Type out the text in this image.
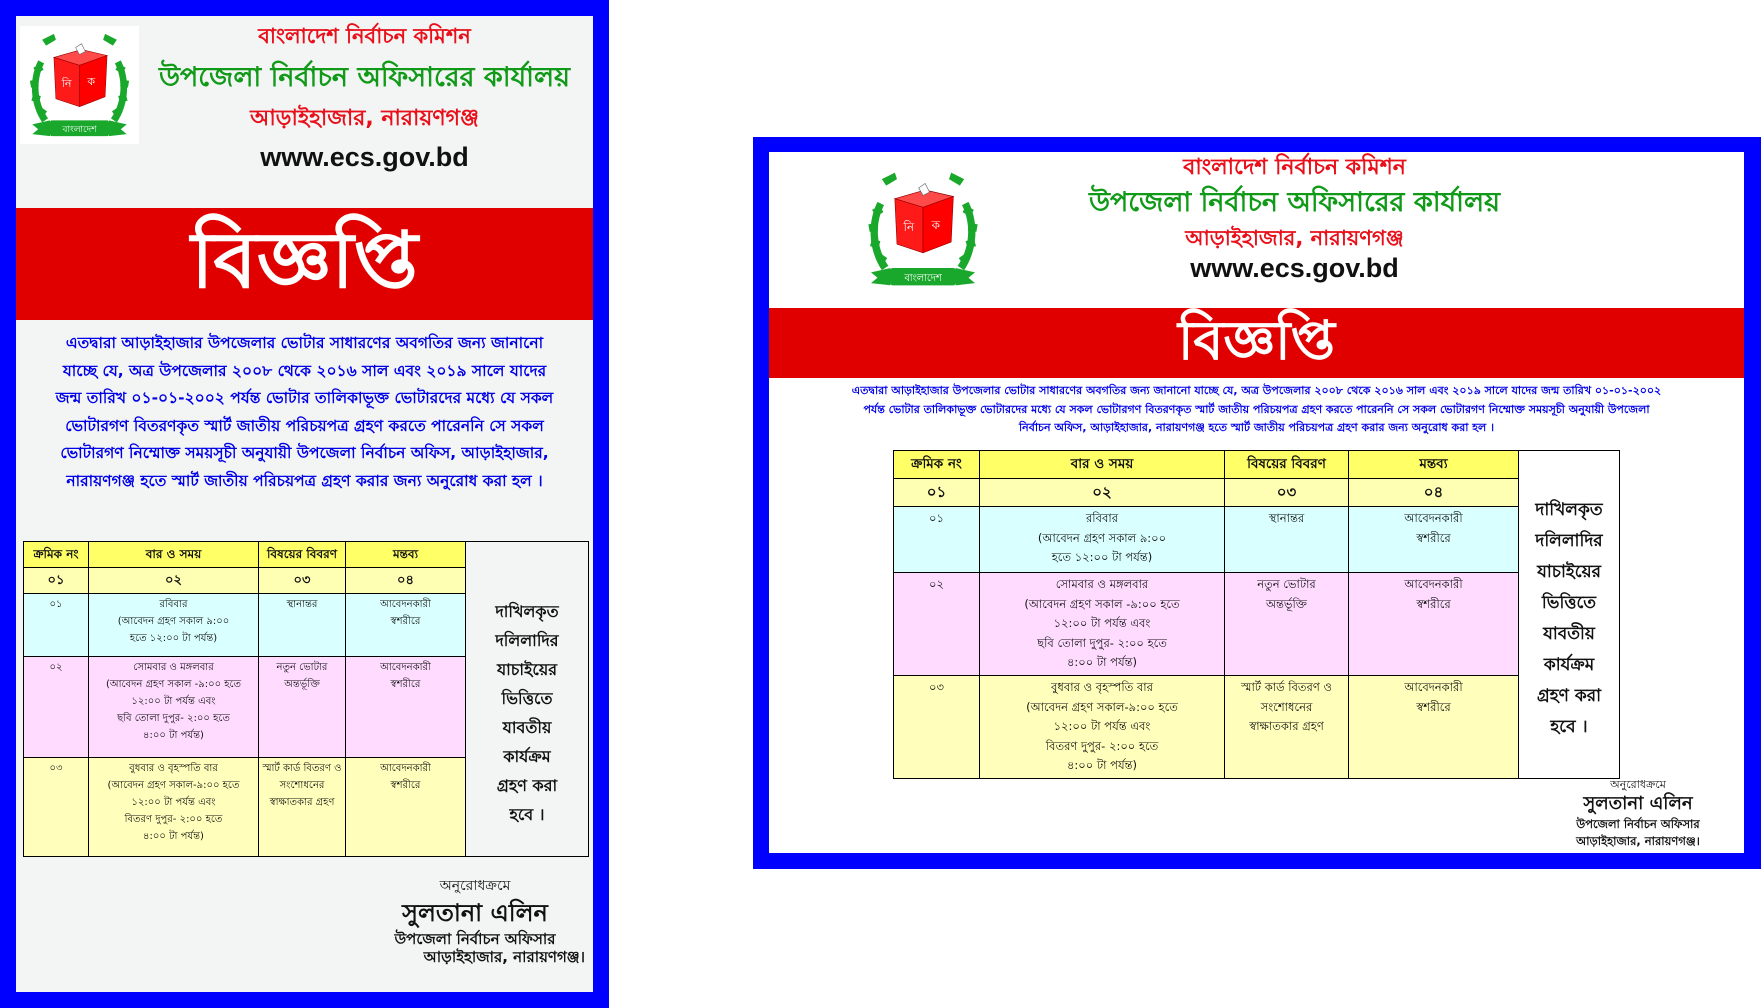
নি ক
বাংলাদেশ
বাংলাদেশ নির্বাচন কমিশন
উপজেলা নির্বাচন অফিসারের কার্যালয়
আড়াইহাজার, নারায়ণগঞ্জ
www.ecs.gov.bd
বিজ্ঞপ্তি
এতদ্বারা আড়াইহাজার উপজেলার ভোটার সাধারণের অবগতির জন্য জানানো
যাচ্ছে যে, অত্র উপজেলার ২০০৮ থেকে ২০১৬ সাল এবং ২০১৯ সালে যাদের
জন্ম তারিখ ০১-০১-২০০২ পর্যন্ত ভোটার তালিকাভূক্ত ভোটারদের মধ্যে যে সকল
ভোটারগণ বিতরণকৃত স্মার্ট জাতীয় পরিচয়পত্র গ্রহণ করতে পারেননি সে সকল
ভোটারগণ নিম্মোক্ত সময়সূচী অনুযায়ী উপজেলা নির্বাচন অফিস, আড়াইহাজার,
নারায়ণগঞ্জ হতে স্মার্ট জাতীয় পরিচয়পত্র গ্রহণ করার জন্য অনুরোধ করা হল ।
ক্রমিক নং	বার ও সময়	বিষয়ের বিবরণ	মন্তব্য	
দাখিলকৃত
দলিলাদির
যাচাইয়ের
ভিত্তিতে
যাবতীয়
কার্যক্রম
গ্রহণ করা
হবে ।

০১	০২	০৩	০৪	
০১	রবিবার
(আবেদন গ্রহণ সকাল ৯:০০
হতে ১২:০০ টা পর্যন্ত)	স্থানান্তর	আবেদনকারী
স্বশরীরে	

০২	সোমবার ও মঙ্গলবার
(আবেদন গ্রহণ সকাল -৯:০০ হতে
১২:০০ টা পর্যন্ত এবং
ছবি তোলা দুপুর- ২:০০ হতে
৪:০০ টা পর্যন্ত)	নতুন ভোটার
অন্তর্ভূক্তি	আবেদনকারী
স্বশরীরে	

০৩	বুধবার ও বৃহস্পতি বার
(আবেদন গ্রহণ সকাল-৯:০০ হতে
১২:০০ টা পর্যন্ত এবং
বিতরণ দুপুর- ২:০০ হতে
৪:০০ টা পর্যন্ত)	স্মার্ট কার্ড বিতরণ ও
সংশোধনের
স্বাক্ষাতকার গ্রহণ	আবেদনকারী
স্বশরীরে	
অনুরোধক্রমে
সুলতানা এলিন
উপজেলা নির্বাচন অফিসার
আড়াইহাজার, নারায়ণগঞ্জ।
নি ক
বাংলাদেশ
বাংলাদেশ নির্বাচন কমিশন
উপজেলা নির্বাচন অফিসারের কার্যালয়
আড়াইহাজার, নারায়ণগঞ্জ
www.ecs.gov.bd
বিজ্ঞপ্তি
এতদ্বারা আড়াইহাজার উপজেলার ভোটার সাধারণের অবগতির জন্য জানানো যাচ্ছে যে, অত্র উপজেলার ২০০৮ থেকে ২০১৬ সাল এবং ২০১৯ সালে যাদের জন্ম তারিখ ০১-০১-২০০২
পর্যন্ত ভোটার তালিকাভূক্ত ভোটারদের মধ্যে যে সকল ভোটারগণ বিতরণকৃত স্মার্ট জাতীয় পরিচয়পত্র গ্রহণ করতে পারেননি সে সকল ভোটারগণ নিম্মোক্ত সময়সূচী অনুযায়ী উপজেলা
নির্বাচন অফিস, আড়াইহাজার, নারায়ণগঞ্জ হতে স্মার্ট জাতীয় পরিচয়পত্র গ্রহণ করার জন্য অনুরোধ করা হল ।
ক্রমিক নং	বার ও সময়	বিষয়ের বিবরণ	মন্তব্য	
দাখিলকৃত
দলিলাদির
যাচাইয়ের
ভিত্তিতে
যাবতীয়
কার্যক্রম
গ্রহণ করা
হবে ।

০১	০২	০৩	০৪	
০১	রবিবার
(আবেদন গ্রহণ সকাল ৯:০০
হতে ১২:০০ টা পর্যন্ত)	স্থানান্তর	আবেদনকারী
স্বশরীরে	

০২	সোমবার ও মঙ্গলবার
(আবেদন গ্রহণ সকাল -৯:০০ হতে
১২:০০ টা পর্যন্ত এবং
ছবি তোলা দুপুর- ২:০০ হতে
৪:০০ টা পর্যন্ত)	নতুন ভোটার
অন্তর্ভূক্তি	আবেদনকারী
স্বশরীরে	

০৩	বুধবার ও বৃহস্পতি বার
(আবেদন গ্রহণ সকাল-৯:০০ হতে
১২:০০ টা পর্যন্ত এবং
বিতরণ দুপুর- ২:০০ হতে
৪:০০ টা পর্যন্ত)	স্মার্ট কার্ড বিতরণ ও
সংশোধনের
স্বাক্ষাতকার গ্রহণ	আবেদনকারী
স্বশরীরে	
অনুরোধক্রমে
সুলতানা এলিন
উপজেলা নির্বাচন অফিসার
আড়াইহাজার, নারায়ণগঞ্জ।
